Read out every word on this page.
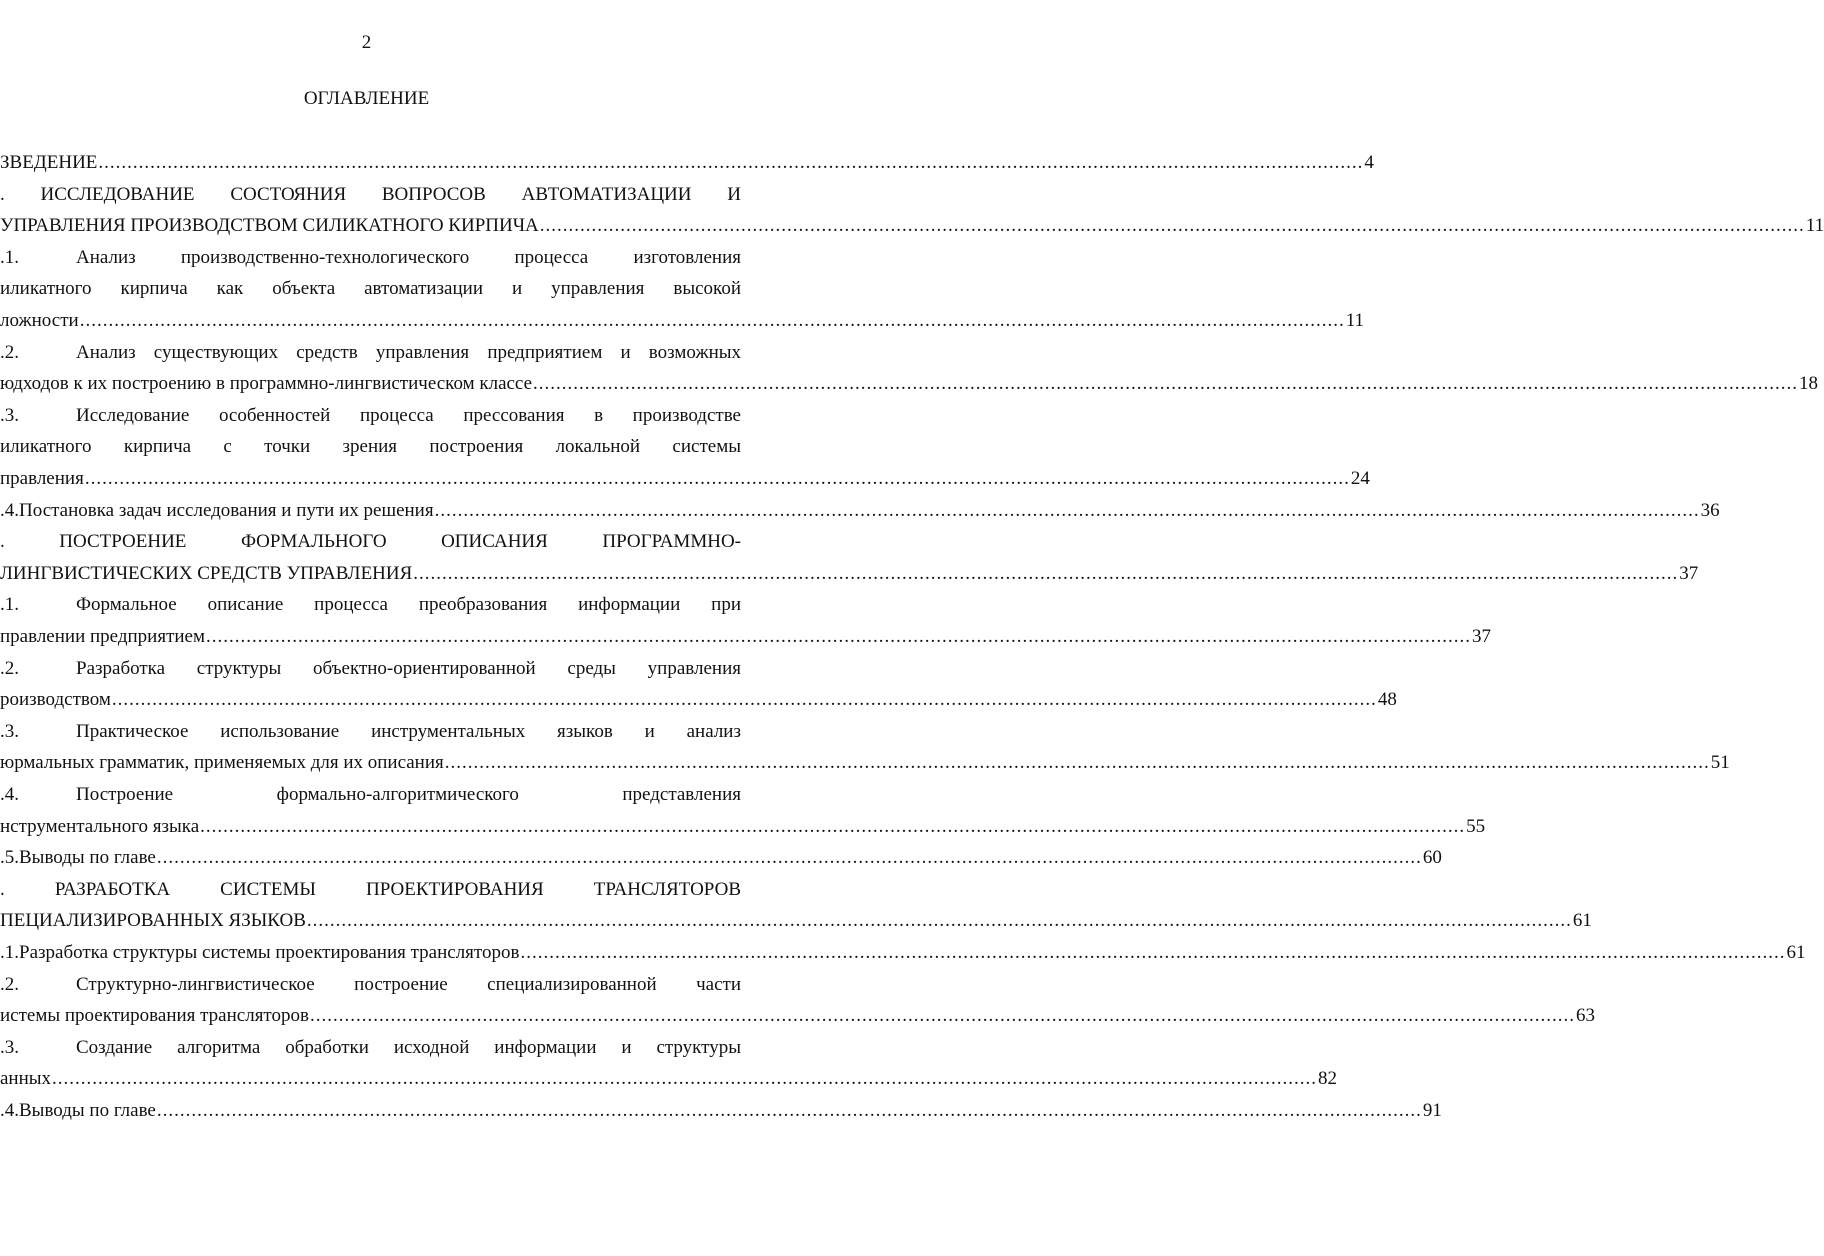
2
ОГЛАВЛЕНИЕ
ЗВЕДЕНИЕ ............................................................................................................................................................................................................................ 4
. ИССЛЕДОВАНИЕ СОСТОЯНИЯ ВОПРОСОВ АВТОМАТИЗАЦИИ И
УПРАВЛЕНИЯ ПРОИЗВОДСТВОМ СИЛИКАТНОГО КИРПИЧА ............................................................................................................................................................................................................................ 11
.1.	Анализ производственно-технологического процесса изготовления
иликатного кирпича как объекта автоматизации и управления высокой
ложности ............................................................................................................................................................................................................................ 11
.2.	Анализ существующих средств управления предприятием и возможных
юдходов к их построению в программно-лингвистическом классе ............................................................................................................................................................................................................................ 18
.3.	Исследование особенностей процесса прессования в производстве
иликатного кирпича с точки зрения построения локальной системы
правления ............................................................................................................................................................................................................................ 24
.4. Постановка задач исследования и пути их решения ............................................................................................................................................................................................................................ 36
. ПОСТРОЕНИЕ ФОРМАЛЬНОГО ОПИСАНИЯ ПРОГРАММНО-
ЛИНГВИСТИЧЕСКИХ СРЕДСТВ УПРАВЛЕНИЯ ............................................................................................................................................................................................................................ 37
.1.	Формальное описание процесса преобразования информации при
правлении предприятием ............................................................................................................................................................................................................................ 37
.2.	Разработка структуры объектно-ориентированной среды управления
роизводством ............................................................................................................................................................................................................................ 48
.3.	Практическое использование инструментальных языков и анализ
юрмальных грамматик, применяемых для их описания ............................................................................................................................................................................................................................ 51
.4.	Построение формально-алгоритмического представления
нструментального языка ............................................................................................................................................................................................................................ 55
.5. Выводы по главе ............................................................................................................................................................................................................................ 60
. РАЗРАБОТКА СИСТЕМЫ ПРОЕКТИРОВАНИЯ ТРАНСЛЯТОРОВ
ПЕЦИАЛИЗИРОВАННЫХ ЯЗЫКОВ ............................................................................................................................................................................................................................ 61
.1. Разработка структуры системы проектирования трансляторов ............................................................................................................................................................................................................................ 61
.2.	Структурно-лингвистическое построение специализированной части
истемы проектирования трансляторов ............................................................................................................................................................................................................................ 63
.3.	Создание алгоритма обработки исходной информации и структуры
анных ............................................................................................................................................................................................................................ 82
.4. Выводы по главе ............................................................................................................................................................................................................................ 91
